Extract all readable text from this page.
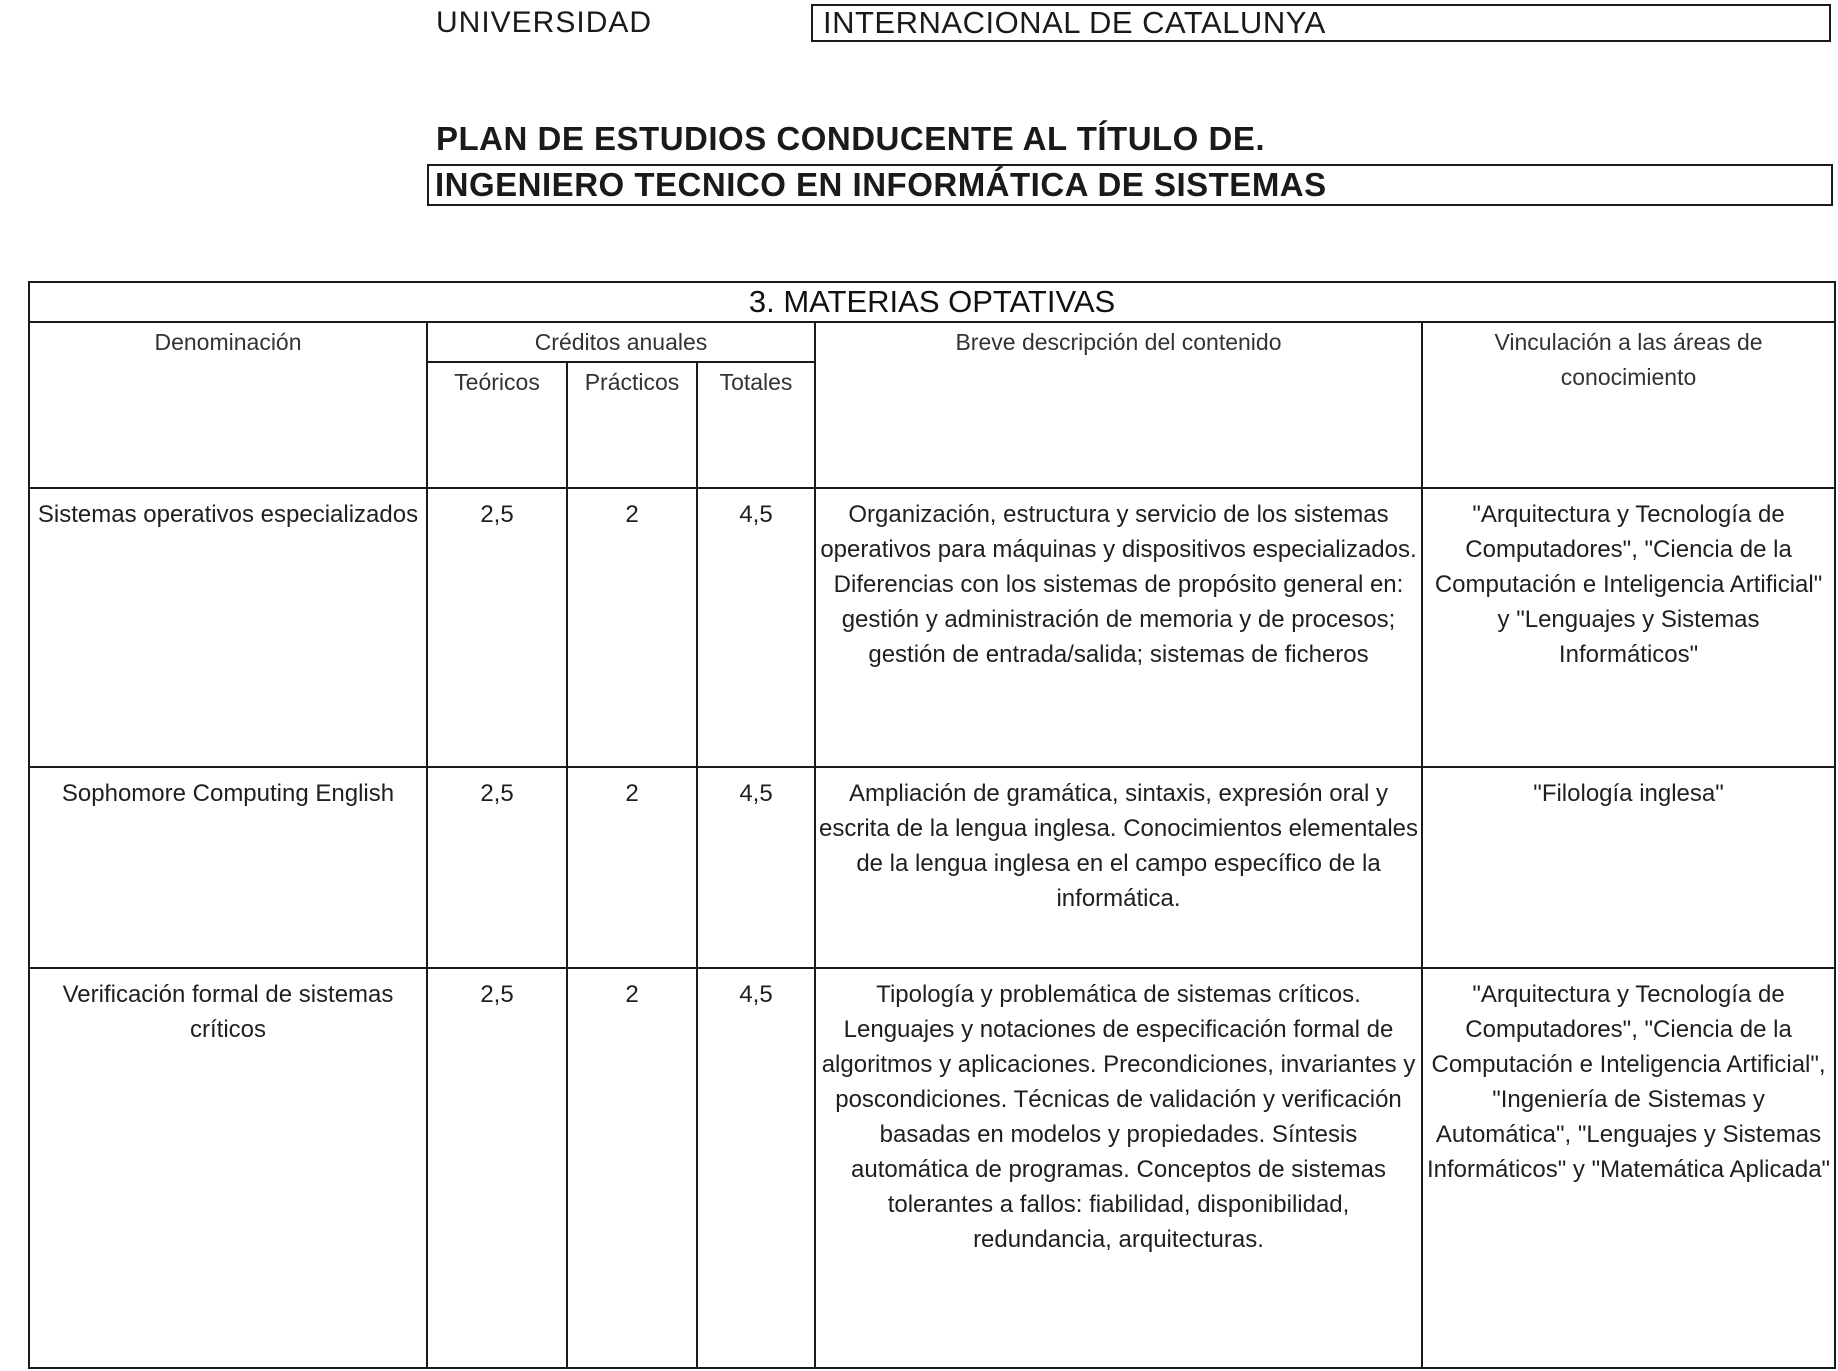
UNIVERSIDAD	INTERNACIONAL DE CATALUNYA
PLAN DE ESTUDIOS CONDUCENTE AL TÍTULO DE.
INGENIERO TECNICO EN INFORMÁTICA DE SISTEMAS
3. MATERIAS OPTATIVAS					
Denominación	Créditos anuales			Breve descripción del contenido	Vinculación a las áreas de conocimiento
	Teóricos	Prácticos	Totales		
Sistemas operativos especializados	2,5	2	4,5	Organización, estructura y servicio de los sistemas operativos para máquinas y dispositivos especializados. Diferencias con los sistemas de propósito general en: gestión y administración de memoria y de procesos; gestión de entrada/salida; sistemas de ficheros	"Arquitectura y Tecnología de Computadores", "Ciencia de la Computación e Inteligencia Artificial" y "Lenguajes y Sistemas Informáticos"
Sophomore Computing English	2,5	2	4,5	Ampliación de gramática, sintaxis, expresión oral y escrita de la lengua inglesa. Conocimientos elementales de la lengua inglesa en el campo específico de la informática.	"Filología inglesa"
Verificación formal de sistemas críticos	2,5	2	4,5	Tipología y problemática de sistemas críticos. Lenguajes y notaciones de especificación formal de algoritmos y aplicaciones. Precondiciones, invariantes y poscondiciones. Técnicas de validación y verificación basadas en modelos y propiedades. Síntesis automática de programas. Conceptos de sistemas tolerantes a fallos: fiabilidad, disponibilidad, redundancia, arquitecturas.	"Arquitectura y Tecnología de Computadores", "Ciencia de la Computación e Inteligencia Artificial", "Ingeniería de Sistemas y Automática", "Lenguajes y Sistemas Informáticos" y "Matemática Aplicada"
